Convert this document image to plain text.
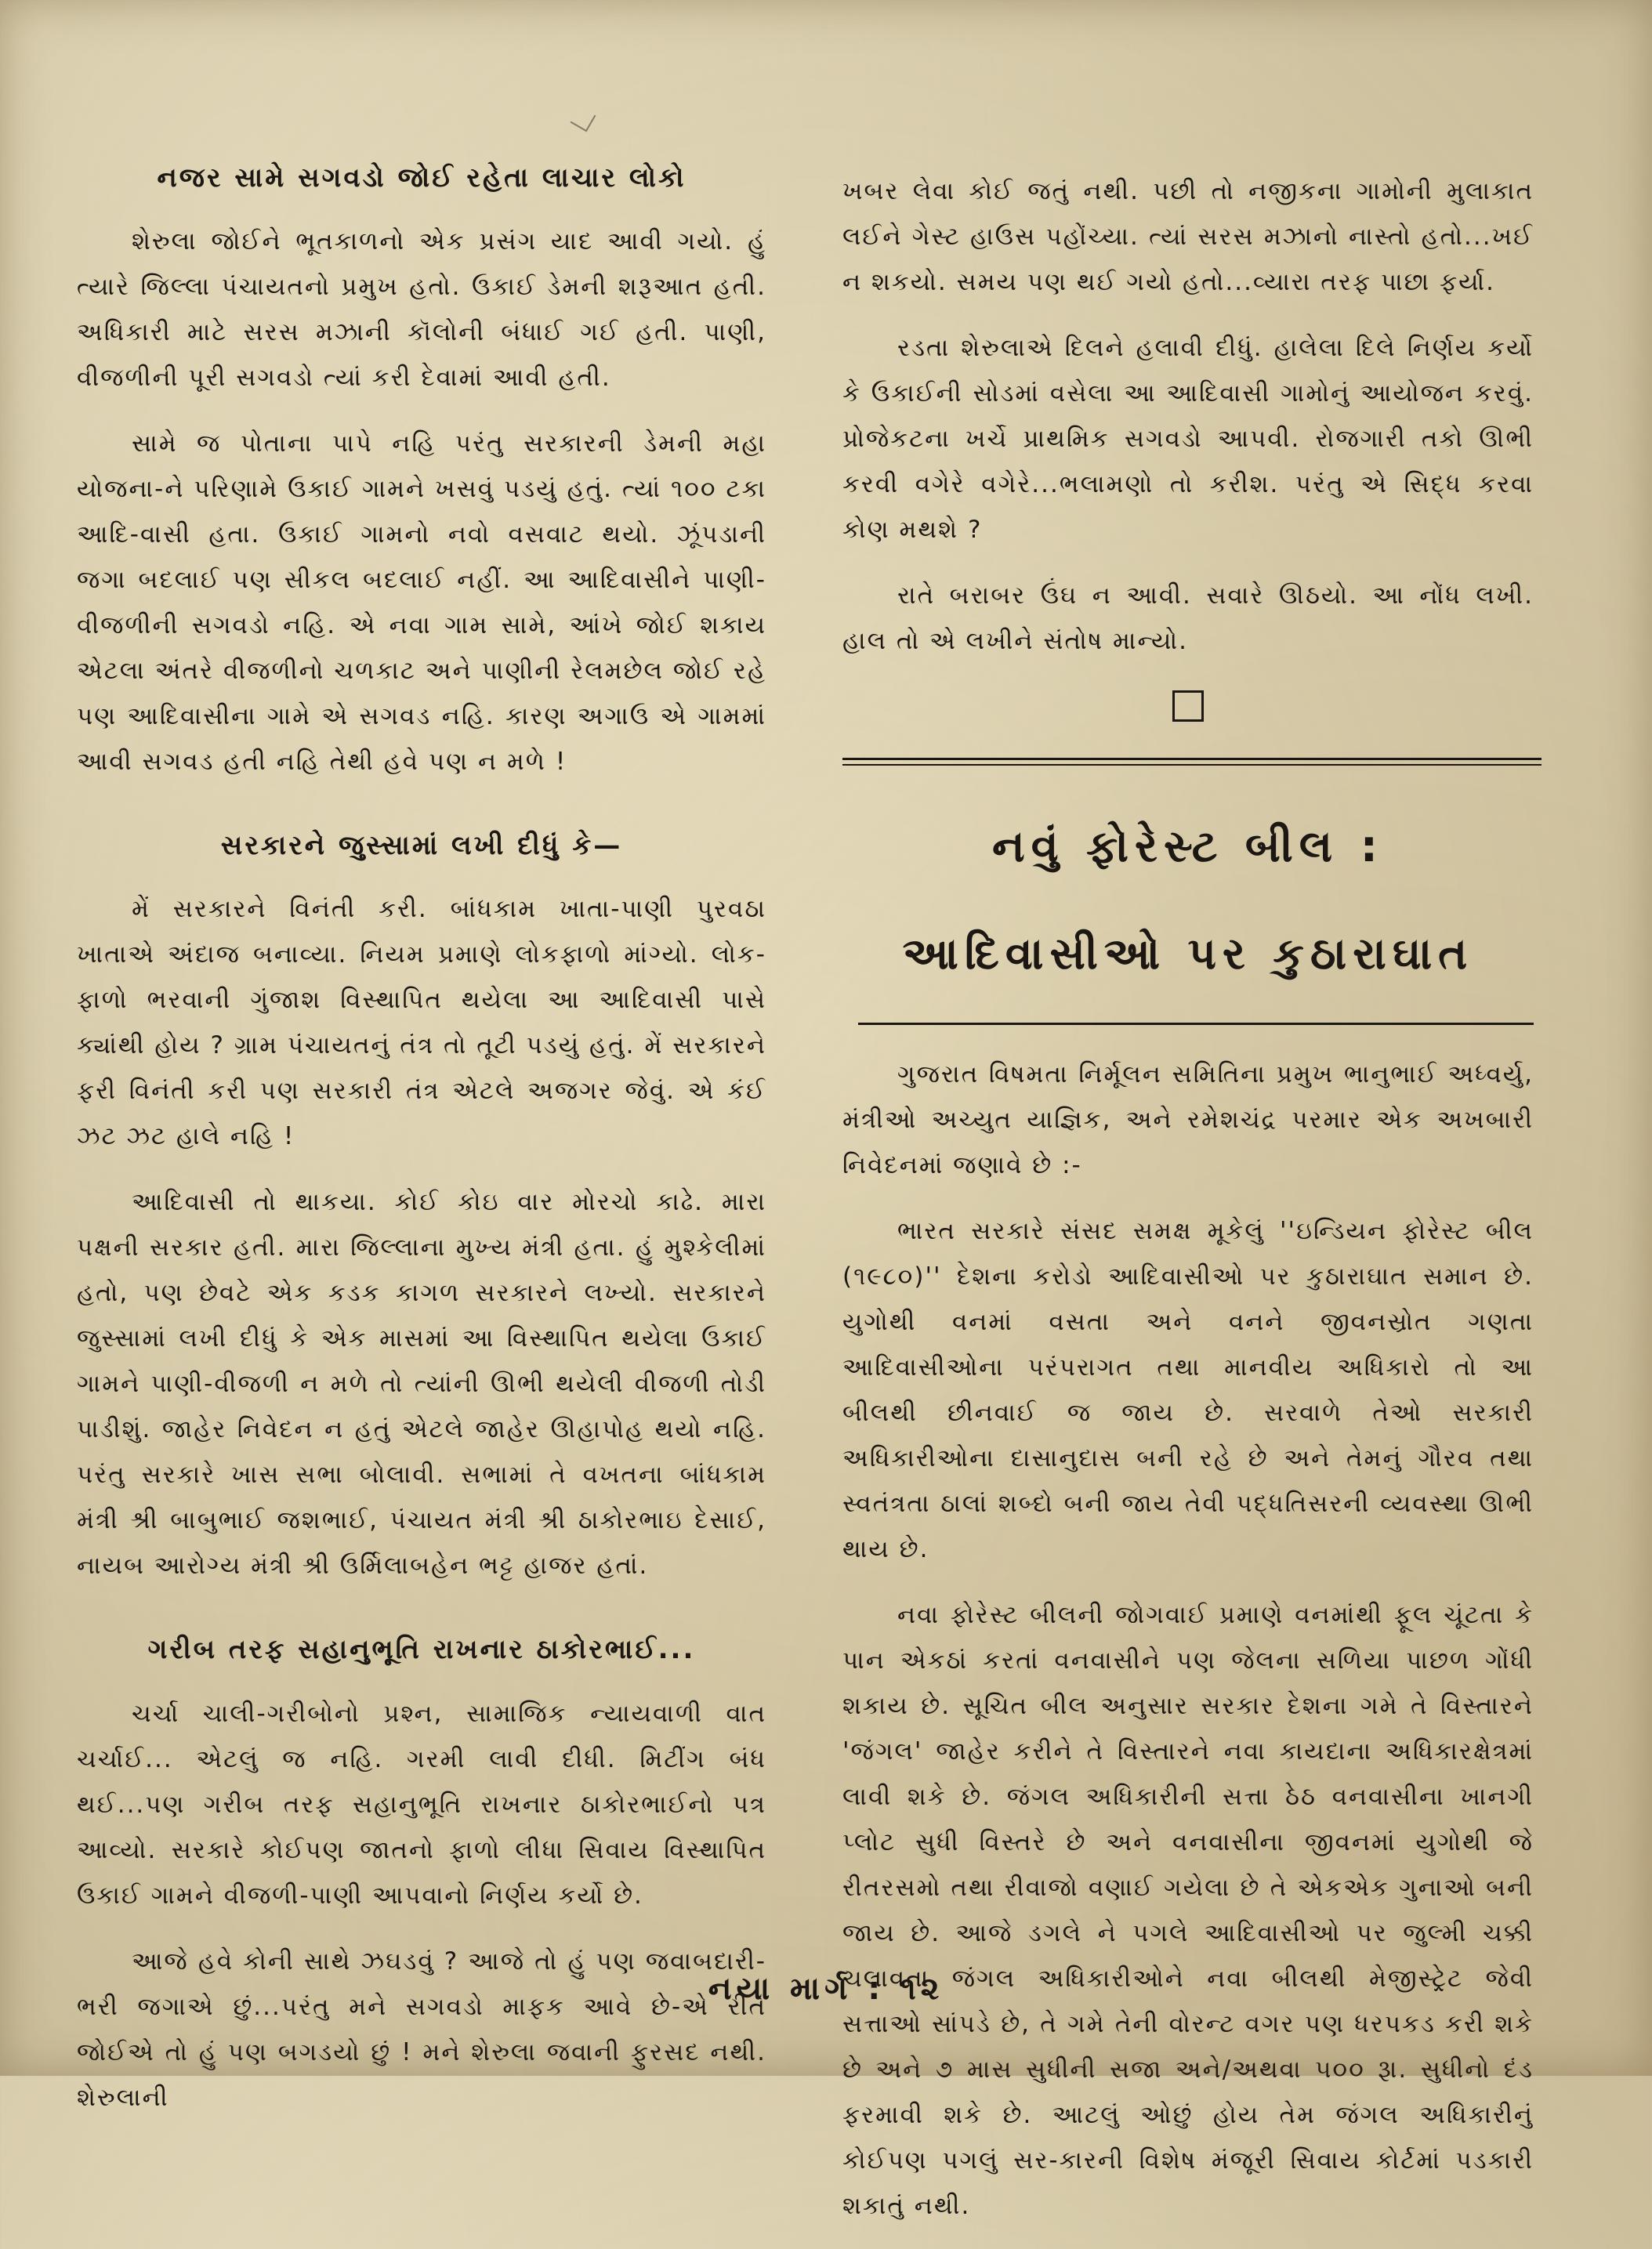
નજર સામે સગવડો જોઈ રહેતા લાચાર લોકો

શેરુલા જોઈને ભૂતકાળનો એક પ્રસંગ યાદ આવી ગયો. હું ત્યારે જિલ્લા પંચાયતનો પ્રમુખ હતો. ઉકાઈ ડેમની શરૂઆત હતી. અધિકારી માટે સરસ મઝાની કૉલોની બંધાઈ ગઈ હતી. પાણી, વીજળીની પૂરી સગવડો ત્યાં કરી દેવામાં આવી હતી.

સામે જ પોતાના પાપે નહિ પરંતુ સરકારની ડેમની મહા યોજના-ને પરિણામે ઉકાઈ ગામને ખસવું પડયું હતું. ત્યાં ૧૦૦ ટકા આદિ-વાસી હતા. ઉકાઈ ગામનો નવો વસવાટ થયો. ઝૂંપડાની જગા બદલાઈ પણ સીકલ બદલાઈ નહીં. આ આદિવાસીને પાણી-વીજળીની સગવડો નહિ. એ નવા ગામ સામે, આંખે જોઈ શકાય એટલા અંતરે વીજળીનો ચળકાટ અને પાણીની રેલમછેલ જોઈ રહે પણ આદિવાસીના ગામે એ સગવડ નહિ. કારણ અગાઉ એ ગામમાં આવી સગવડ હતી નહિ તેથી હવે પણ ન મળે !

સરકારને જુસ્સામાં લખી દીધું કે—

મેં સરકારને વિનંતી કરી. બાંધકામ ખાતા-પાણી પુરવઠા ખાતાએ અંદાજ બનાવ્યા. નિયમ પ્રમાણે લોકફાળો માંગ્યો. લોક-ફાળો ભરવાની ગુંજાશ વિસ્થાપિત થયેલા આ આદિવાસી પાસે ક્યાંથી હોય ? ગ્રામ પંચાયતનું તંત્ર તો તૂટી પડયું હતું. મેં સરકારને ફરી વિનંતી કરી પણ સરકારી તંત્ર એટલે અજગર જેવું. એ કંઈ ઝટ ઝટ હાલે નહિ !

આદિવાસી તો થાકયા. કોઈ કોઇ વાર મોરચો કાઢે. મારા પક્ષની સરકાર હતી. મારા જિલ્લાના મુખ્ય મંત્રી હતા. હું મુશ્કેલીમાં હતો, પણ છેવટે એક કડક કાગળ સરકારને લખ્યો. સરકારને જુસ્સામાં લખી દીધું કે એક માસમાં આ વિસ્થાપિત થયેલા ઉકાઈ ગામને પાણી-વીજળી ન મળે તો ત્યાંની ઊભી થયેલી વીજળી તોડી પાડીશું. જાહેર નિવેદન ન હતું એટલે જાહેર ઊહાપોહ થયો નહિ. પરંતુ સરકારે ખાસ સભા બોલાવી. સભામાં તે વખતના બાંધકામ મંત્રી શ્રી બાબુભાઈ જશભાઈ, પંચાયત મંત્રી શ્રી ઠાકોરભાઇ દેસાઈ, નાયબ આરોગ્ય મંત્રી શ્રી ઉર્મિલાબહેન ભટ્ટ હાજર હતાં.

ગરીબ તરફ સહાનુભૂતિ રાખનાર ઠાકોરભાઈ...

ચર્ચા ચાલી-ગરીબોનો પ્રશ્ન, સામાજિક ન્યાયવાળી વાત ચર્ચાઈ... એટલું જ નહિ. ગરમી લાવી દીધી. મિટીંગ બંધ થઈ...પણ ગરીબ તરફ સહાનુભૂતિ રાખનાર ઠાકોરભાઈનો પત્ર આવ્યો. સરકારે કોઈપણ જાતનો ફાળો લીધા સિવાય વિસ્થાપિત ઉકાઈ ગામને વીજળી-પાણી આપવાનો નિર્ણય કર્યો છે.

આજે હવે કોની સાથે ઝઘડવું ? આજે તો હું પણ જવાબદારી-ભરી જગાએ છું...પરંતુ મને સગવડો માફક આવે છે-એ રીતે જોઈએ તો હું પણ બગડયો છું ! મને શેરુલા જવાની ફુરસદ નથી. શેરુલાની

ખબર લેવા કોઈ જતું નથી. પછી તો નજીકના ગામોની મુલાકાત લઈને ગેસ્ટ હાઉસ પહોંચ્યા. ત્યાં સરસ મઝાનો નાસ્તો હતો...ખઈ ન શકયો. સમય પણ થઈ ગયો હતો...વ્યારા તરફ પાછા ફર્યા.

રડતા શેરુલાએ દિલને હલાવી દીધું. હાલેલા દિલે નિર્ણય કર્યો કે ઉકાઈની સોડમાં વસેલા આ આદિવાસી ગામોનું આયોજન કરવું. પ્રોજેકટના ખર્ચે પ્રાથમિક સગવડો આપવી. રોજગારી તકો ઊભી કરવી વગેરે વગેરે...ભલામણો તો કરીશ. પરંતુ એ સિદ્ધ કરવા કોણ મથશે ?

રાતે બરાબર ઉંઘ ન આવી. સવારે ઊઠયો. આ નોંધ લખી. હાલ તો એ લખીને સંતોષ માન્યો.

નવું ફોરેસ્ટ બીલ :
આદિવાસીઓ પર કુઠારાઘાત

ગુજરાત વિષમતા નિર્મૂલન સમિતિના પ્રમુખ ભાનુભાઈ અધ્વર્યુ, મંત્રીઓ અચ્યુત યાજ્ઞિક, અને રમેશચંદ્ર પરમાર એક અખબારી નિવેદનમાં જણાવે છે :-

ભારત સરકારે સંસદ સમક્ષ મૂકેલું ''ઇન્ડિયન ફોરેસ્ટ બીલ (૧૯૮૦)'' દેશના કરોડો આદિવાસીઓ પર કુઠારાઘાત સમાન છે. યુગોથી વનમાં વસતા અને વનને જીવનસ્રોત ગણતા આદિવાસીઓના પરંપરાગત તથા માનવીય અધિકારો તો આ બીલથી છીનવાઈ જ જાય છે. સરવાળે તેઓ સરકારી અધિકારીઓના દાસાનુદાસ બની રહે છે અને તેમનું ગૌરવ તથા સ્વતંત્રતા ઠાલાં શબ્દો બની જાય તેવી પદ્ધતિસરની વ્યવસ્થા ઊભી થાય છે.

નવા ફોરેસ્ટ બીલની જોગવાઈ પ્રમાણે વનમાંથી ફૂલ ચૂંટતા કે પાન એકઠાં કરતાં વનવાસીને પણ જેલના સળિયા પાછળ ગોંધી શકાય છે. સૂચિત બીલ અનુસાર સરકાર દેશના ગમે તે વિસ્તારને 'જંગલ' જાહેર કરીને તે વિસ્તારને નવા કાયદાના અધિકારક્ષેત્રમાં લાવી શકે છે. જંગલ અધિકારીની સત્તા ઠેઠ વનવાસીના ખાનગી પ્લોટ સુધી વિસ્તરે છે અને વનવાસીના જીવનમાં યુગોથી જે રીતરસમો તથા રીવાજો વણાઈ ગયેલા છે તે એકએક ગુનાઓ બની જાય છે. આજે ડગલે ને પગલે આદિવાસીઓ પર જુલ્મી ચક્કી ચલાવતા જંગલ અધિકારીઓને નવા બીલથી મેજીસ્ટ્રેટ જેવી સત્તાઓ સાંપડે છે, તે ગમે તેની વોરન્ટ વગર પણ ધરપકડ કરી શકે છે અને ૭ માસ સુધીની સજા અને/અથવા ૫૦૦ રૂા. સુધીનો દંડ ફરમાવી શકે છે. આટલું ઓછું હોય તેમ જંગલ અધિકારીનું કોઈપણ પગલું સર-કારની વિશેષ મંજૂરી સિવાય કોર્ટમાં પડકારી શકાતું નથી.

નયા માર્ગ : ૧૨
